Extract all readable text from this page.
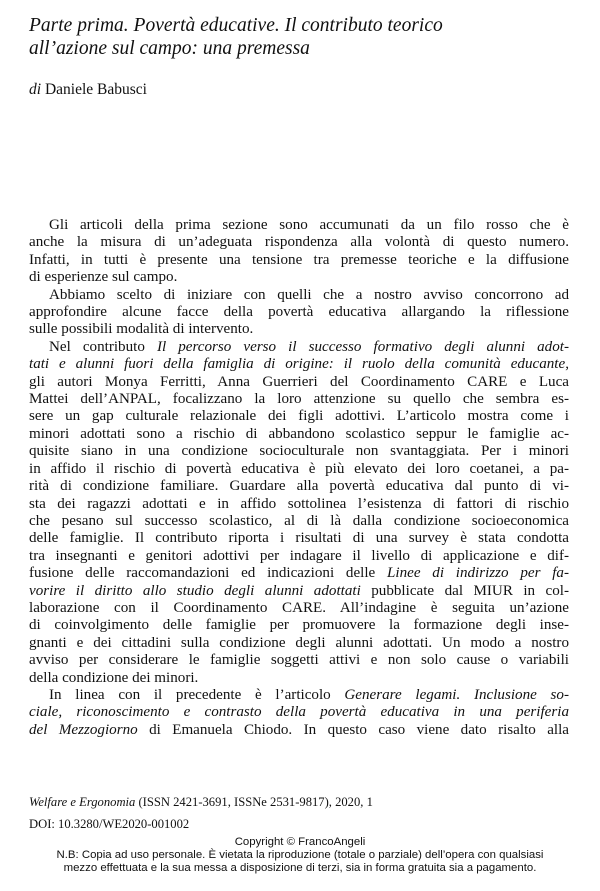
Parte prima. Povertà educative. Il contributo teorico
all’azione sul campo: una premessa
di Daniele Babusci
Gli articoli della prima sezione sono accumunati da un filo rosso che è
anche la misura di un’adeguata rispondenza alla volontà di questo numero.
Infatti, in tutti è presente una tensione tra premesse teoriche e la diffusione
di esperienze sul campo.
Abbiamo scelto di iniziare con quelli che a nostro avviso concorrono ad
approfondire alcune facce della povertà educativa allargando la riflessione
sulle possibili modalità di intervento.
Nel contributo Il percorso verso il successo formativo degli alunni adot-
tati e alunni fuori della famiglia di origine: il ruolo della comunità educante,
gli autori Monya Ferritti, Anna Guerrieri del Coordinamento CARE e Luca
Mattei dell’ANPAL, focalizzano la loro attenzione su quello che sembra es-
sere un gap culturale relazionale dei figli adottivi. L’articolo mostra come i
minori adottati sono a rischio di abbandono scolastico seppur le famiglie ac-
quisite siano in una condizione socioculturale non svantaggiata. Per i minori
in affido il rischio di povertà educativa è più elevato dei loro coetanei, a pa-
rità di condizione familiare. Guardare alla povertà educativa dal punto di vi-
sta dei ragazzi adottati e in affido sottolinea l’esistenza di fattori di rischio
che pesano sul successo scolastico, al di là dalla condizione socioeconomica
delle famiglie. Il contributo riporta i risultati di una survey è stata condotta
tra insegnanti e genitori adottivi per indagare il livello di applicazione e dif-
fusione delle raccomandazioni ed indicazioni delle Linee di indirizzo per fa-
vorire il diritto allo studio degli alunni adottati pubblicate dal MIUR in col-
laborazione con il Coordinamento CARE. All’indagine è seguita un’azione
di coinvolgimento delle famiglie per promuovere la formazione degli inse-
gnanti e dei cittadini sulla condizione degli alunni adottati. Un modo a nostro
avviso per considerare le famiglie soggetti attivi e non solo cause o variabili
della condizione dei minori.
In linea con il precedente è l’articolo Generare legami. Inclusione so-
ciale, riconoscimento e contrasto della povertà educativa in una periferia
del Mezzogiorno di Emanuela Chiodo. In questo caso viene dato risalto alla
Welfare e Ergonomia (ISSN 2421-3691, ISSNe 2531-9817), 2020, 1
DOI: 10.3280/WE2020-001002
Copyright © FrancoAngeli
N.B: Copia ad uso personale. È vietata la riproduzione (totale o parziale) dell’opera con qualsiasi
mezzo effettuata e la sua messa a disposizione di terzi, sia in forma gratuita sia a pagamento.
